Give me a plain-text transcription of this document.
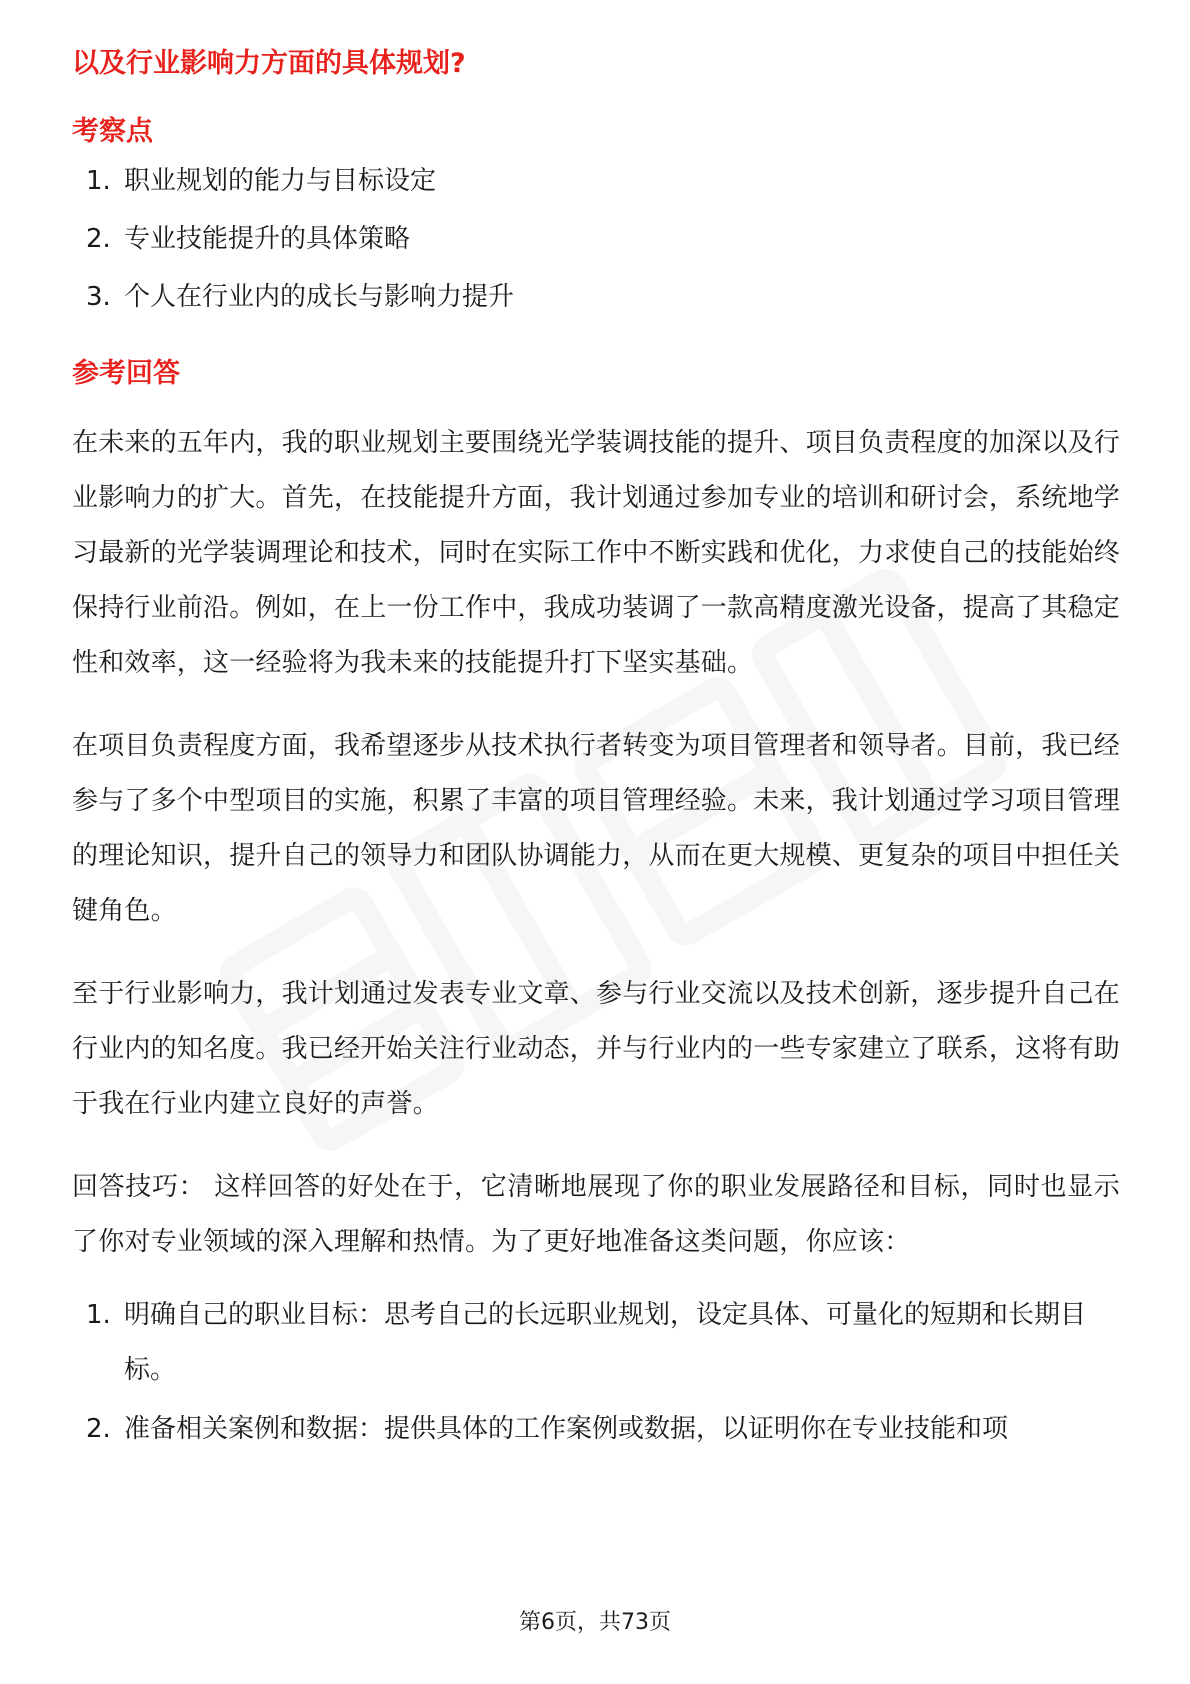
以及行业影响力方面的具体规划?

考察点

1. 职业规划的能力与目标设定
2. 专业技能提升的具体策略
3. 个人在行业内的成长与影响力提升

参考回答

在未来的五年内，我的职业规划主要围绕光学装调技能的提升、项目负责程度的加深以及行业影响力的扩大。首先，在技能提升方面，我计划通过参加专业的培训和研讨会，系统地学习最新的光学装调理论和技术，同时在实际工作中不断实践和优化，力求使自己的技能始终保持行业前沿。例如，在上一份工作中，我成功装调了一款高精度激光设备，提高了其稳定性和效率，这一经验将为我未来的技能提升打下坚实基础。

在项目负责程度方面，我希望逐步从技术执行者转变为项目管理者和领导者。目前，我已经参与了多个中型项目的实施，积累了丰富的项目管理经验。未来，我计划通过学习项目管理的理论知识，提升自己的领导力和团队协调能力，从而在更大规模、更复杂的项目中担任关键角色。

至于行业影响力，我计划通过发表专业文章、参与行业交流以及技术创新，逐步提升自己在行业内的知名度。我已经开始关注行业动态，并与行业内的一些专家建立了联系，这将有助于我在行业内建立良好的声誉。

回答技巧： 这样回答的好处在于，它清晰地展现了你的职业发展路径和目标，同时也显示了你对专业领域的深入理解和热情。为了更好地准备这类问题，你应该：

1. 明确自己的职业目标：思考自己的长远职业规划，设定具体、可量化的短期和长期目标。
2. 准备相关案例和数据：提供具体的工作案例或数据，以证明你在专业技能和项
第6页，共73页
